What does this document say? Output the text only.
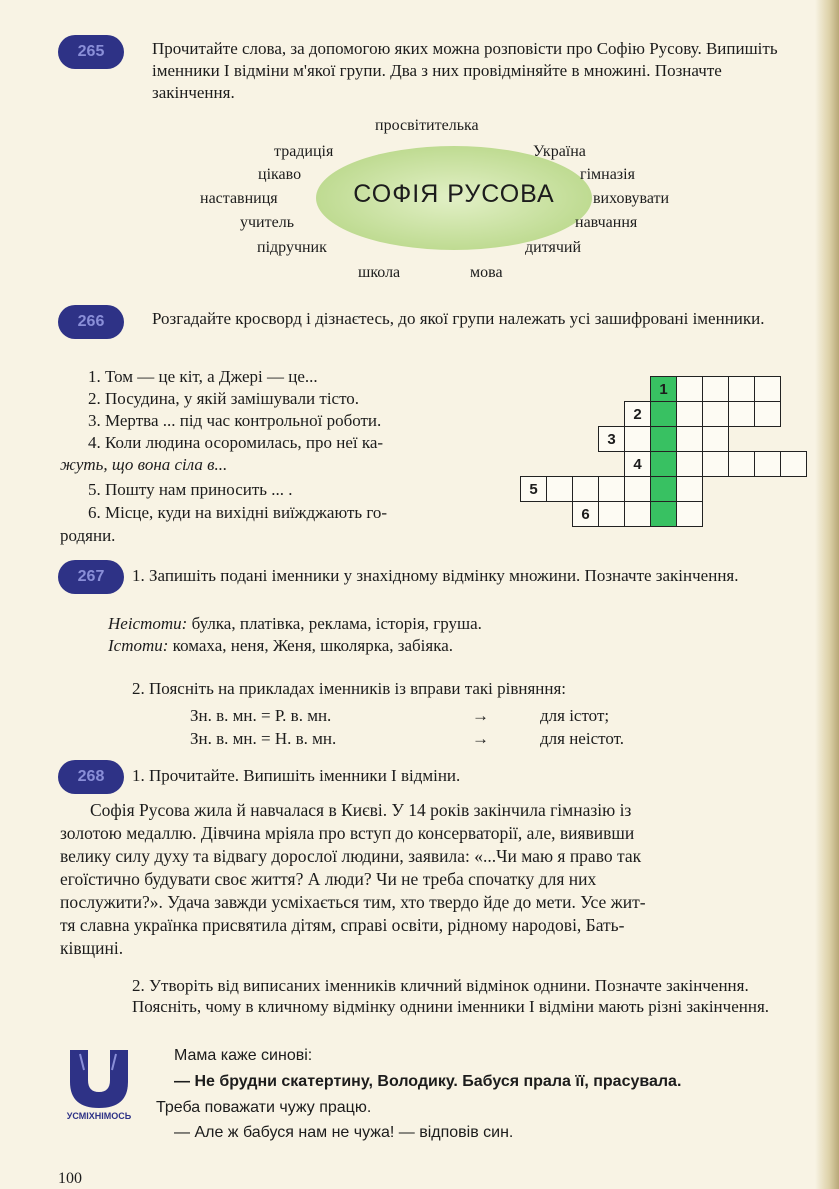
265	Прочитайте слова, за допомогою яких можна розповісти про Софію Русову. Випишіть іменники I відміни м'якої групи. Два з них провідміняйте в множині. Позначте закінчення.
СОФІЯ РУСОВА
просвітителька
традиція	Україна
цікаво	гімназія
наставниця	виховувати
учитель	навчання
підручник	дитячий
школа	мова
266	Розгадайте кросворд і дізнаєтесь, до якої групи належать усі зашифровані іменники.
1. Том — це кіт, а Джері — це...
2. Посудина, у якій замішували тісто.
3. Мертва ... під час контрольної роботи.
4. Коли людина осоромилась, про неї ка-
жуть, що вона сіла в...
5. Пошту нам приносить ... .
6. Місце, куди на вихідні виїжджають го-
родяни.
1
2
3
4
5
6
267	1. Запишіть подані іменники у знахідному відмінку множини. Позначте закінчення.
Неістоти: булка, платівка, реклама, історія, груша.
Істоти: комаха, неня, Женя, школярка, забіяка.
2. Поясніть на прикладах іменників із вправи такі рівняння:
Зн. в. мн. = Р. в. мн.	→	для істот;
Зн. в. мн. = Н. в. мн.	→	для неістот.
268	1. Прочитайте. Випишіть іменники I відміни.
Софія Русова жила й навчалася в Києві. У 14 років закінчила гімназію із
золотою медаллю. Дівчина мріяла про вступ до консерваторії, але, виявивши
велику силу духу та відвагу дорослої людини, заявила: «...Чи маю я право так
егоїстично будувати своє життя? А люди? Чи не треба спочатку для них
послужити?». Удача завжди усміхається тим, хто твердо йде до мети. Усе жит-
тя славна українка присвятила дітям, справі освіти, рідному народові, Бать-
ківщині.
2. Утворіть від виписаних іменників кличний відмінок однини. Позначте закінчення. Поясніть, чому в кличному відмінку однини іменники I відміни мають різні закінчення.
УСМІХНІМОСЬ
Мама каже синові:
— Не брудни скатертину, Володику. Бабуся прала її, прасувала.
Треба поважати чужу працю.
— Але ж бабуся нам не чужа! — відповів син.
100
